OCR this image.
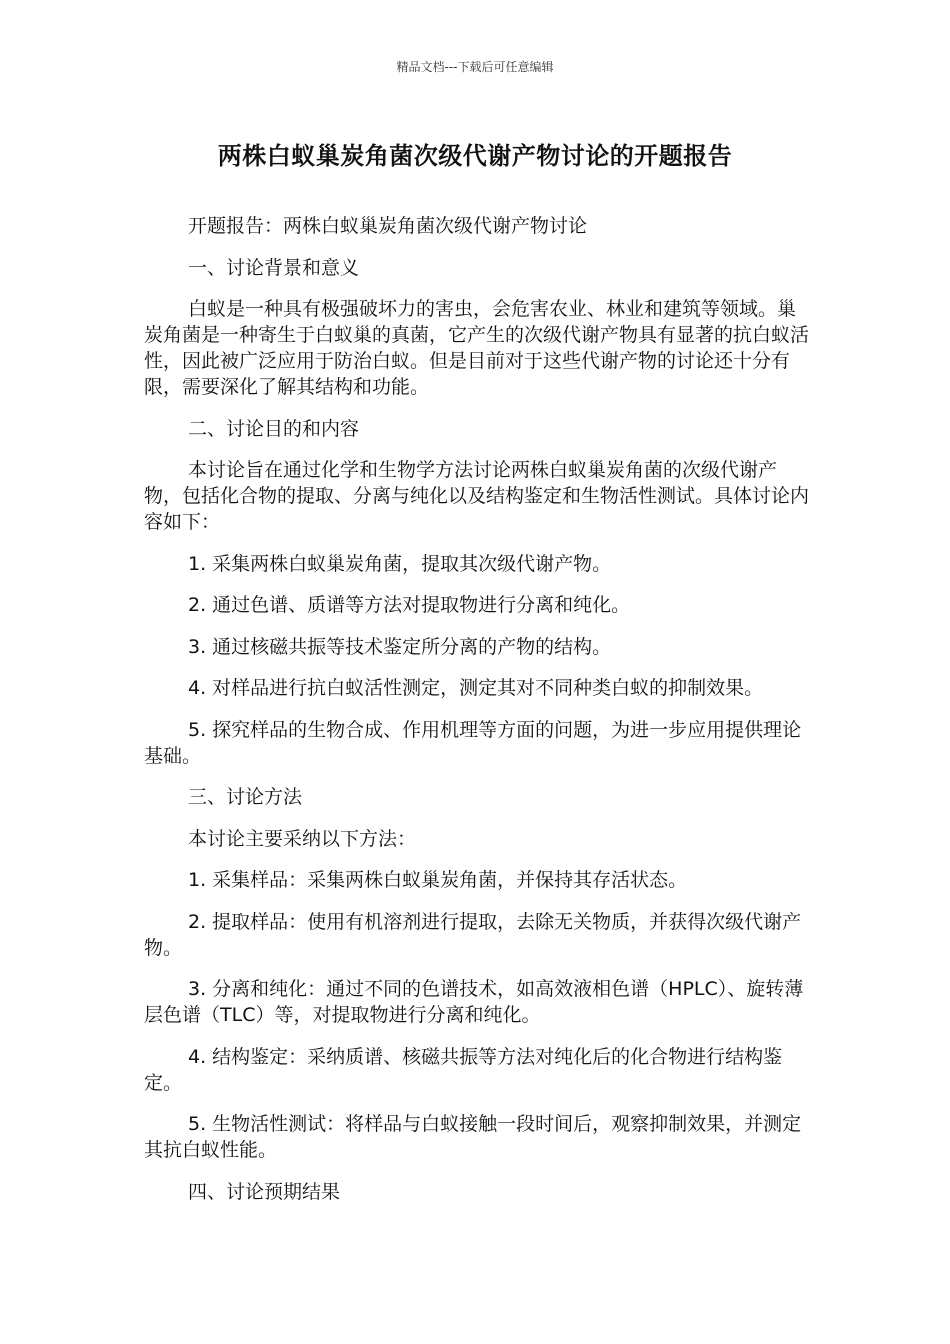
精品文档---下载后可任意编辑
两株白蚁巢炭角菌次级代谢产物讨论的开题报告

开题报告：两株白蚁巢炭角菌次级代谢产物讨论

一、讨论背景和意义

白蚁是一种具有极强破坏力的害虫，会危害农业、林业和建筑等领域。巢炭角菌是一种寄生于白蚁巢的真菌，它产生的次级代谢产物具有显著的抗白蚁活性，因此被广泛应用于防治白蚁。但是目前对于这些代谢产物的讨论还十分有限，需要深化了解其结构和功能。

二、讨论目的和内容

本讨论旨在通过化学和生物学方法讨论两株白蚁巢炭角菌的次级代谢产物，包括化合物的提取、分离与纯化以及结构鉴定和生物活性测试。具体讨论内容如下：

1. 采集两株白蚁巢炭角菌，提取其次级代谢产物。

2. 通过色谱、质谱等方法对提取物进行分离和纯化。

3. 通过核磁共振等技术鉴定所分离的产物的结构。

4. 对样品进行抗白蚁活性测定，测定其对不同种类白蚁的抑制效果。

5. 探究样品的生物合成、作用机理等方面的问题，为进一步应用提供理论基础。

三、讨论方法

本讨论主要采纳以下方法：

1. 采集样品：采集两株白蚁巢炭角菌，并保持其存活状态。

2. 提取样品：使用有机溶剂进行提取，去除无关物质，并获得次级代谢产物。

3. 分离和纯化：通过不同的色谱技术，如高效液相色谱（HPLC）、旋转薄层色谱（TLC）等，对提取物进行分离和纯化。

4. 结构鉴定：采纳质谱、核磁共振等方法对纯化后的化合物进行结构鉴定。

5. 生物活性测试：将样品与白蚁接触一段时间后，观察抑制效果，并测定其抗白蚁性能。

四、讨论预期结果
